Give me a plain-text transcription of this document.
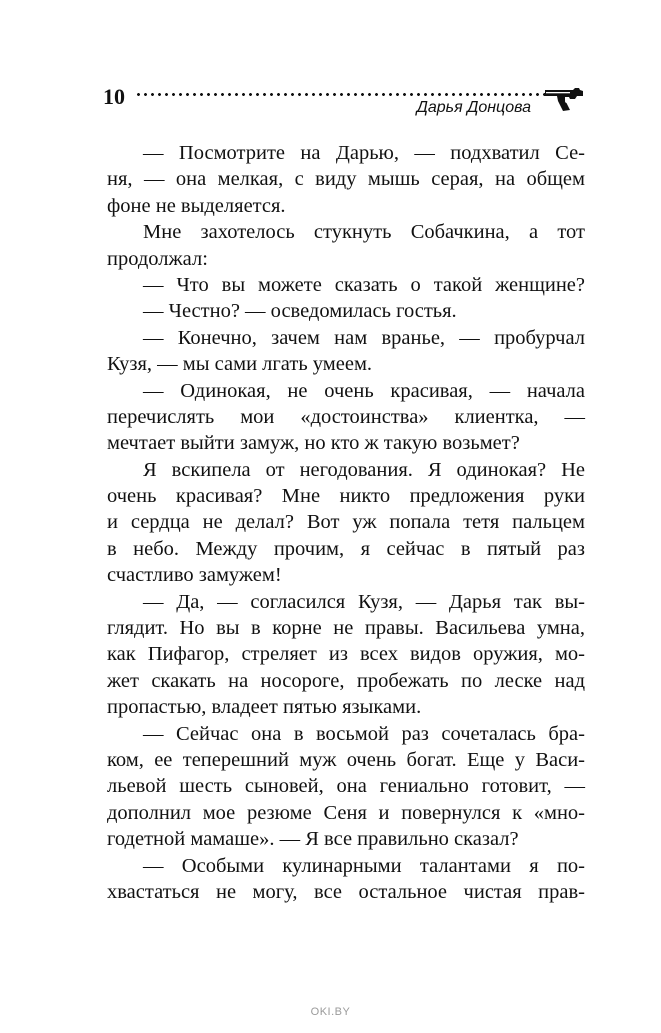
10	Дарья Донцова
— Посмотрите на Дарью, — подхватил Се-
ня, — она мелкая, с виду мышь серая, на общем
фоне не выделяется.
Мне захотелось стукнуть Собачкина, а тот
продолжал:
— Что вы можете сказать о такой женщине?
— Честно? — осведомилась гостья.
— Конечно, зачем нам вранье, — пробурчал
Кузя, — мы сами лгать умеем.
— Одинокая, не очень красивая, — начала
перечислять мои «достоинства» клиентка, —
мечтает выйти замуж, но кто ж такую возьмет?
Я вскипела от негодования. Я одинокая? Не
очень красивая? Мне никто предложения руки
и сердца не делал? Вот уж попала тетя пальцем
в небо. Между прочим, я сейчас в пятый раз
счастливо замужем!
— Да, — согласился Кузя, — Дарья так вы-
глядит. Но вы в корне не правы. Васильева умна,
как Пифагор, стреляет из всех видов оружия, мо-
жет скакать на носороге, пробежать по леске над
пропастью, владеет пятью языками.
— Сейчас она в восьмой раз сочеталась бра-
ком, ее теперешний муж очень богат. Еще у Васи-
льевой шесть сыновей, она гениально готовит, —
дополнил мое резюме Сеня и повернулся к «мно-
годетной мамаше». — Я все правильно сказал?
— Особыми кулинарными талантами я по-
хвастаться не могу, все остальное чистая прав-
OKI.BY
